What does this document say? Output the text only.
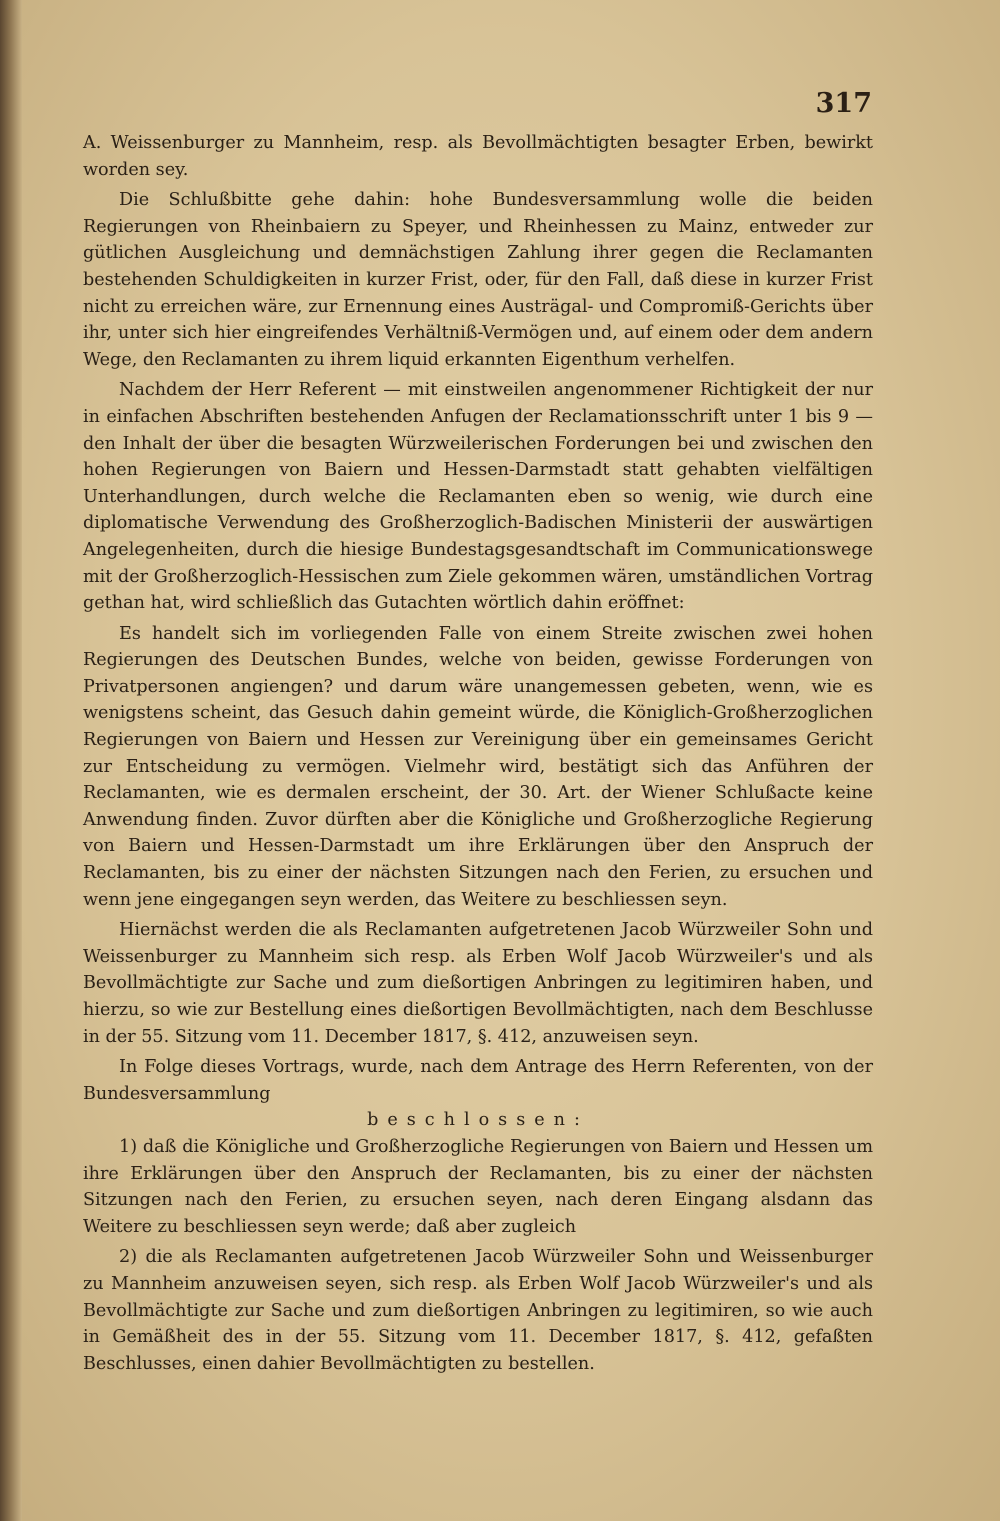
317

A. Weissenburger zu Mannheim, resp. als Bevollmächtigten besagter Erben, bewirkt worden sey.

Die Schlußbitte gehe dahin: hohe Bundesversammlung wolle die beiden Regierungen von Rheinbaiern zu Speyer, und Rheinhessen zu Mainz, entweder zur gütlichen Ausgleichung und demnächstigen Zahlung ihrer gegen die Reclamanten bestehenden Schuldigkeiten in kurzer Frist, oder, für den Fall, daß diese in kurzer Frist nicht zu erreichen wäre, zur Ernennung eines Austrägal- und Compromiß-Gerichts über ihr, unter sich hier eingreifendes Verhältniß-Vermögen und, auf einem oder dem andern Wege, den Reclamanten zu ihrem liquid erkannten Eigenthum verhelfen.

Nachdem der Herr Referent — mit einstweilen angenommener Richtigkeit der nur in einfachen Abschriften bestehenden Anfugen der Reclamationsschrift unter 1 bis 9 — den Inhalt der über die besagten Würzweilerischen Forderungen bei und zwischen den hohen Regierungen von Baiern und Hessen-Darmstadt statt gehabten vielfältigen Unterhandlungen, durch welche die Reclamanten eben so wenig, wie durch eine diplomatische Verwendung des Großherzoglich-Badischen Ministerii der auswärtigen Angelegenheiten, durch die hiesige Bundestagsgesandtschaft im Communicationswege mit der Großherzoglich-Hessischen zum Ziele gekommen wären, umständlichen Vortrag gethan hat, wird schließlich das Gutachten wörtlich dahin eröffnet:

Es handelt sich im vorliegenden Falle von einem Streite zwischen zwei hohen Regierungen des Deutschen Bundes, welche von beiden, gewisse Forderungen von Privatpersonen angiengen? und darum wäre unangemessen gebeten, wenn, wie es wenigstens scheint, das Gesuch dahin gemeint würde, die Königlich-Großherzoglichen Regierungen von Baiern und Hessen zur Vereinigung über ein gemeinsames Gericht zur Entscheidung zu vermögen. Vielmehr wird, bestätigt sich das Anführen der Reclamanten, wie es dermalen erscheint, der 30. Art. der Wiener Schlußacte keine Anwendung finden. Zuvor dürften aber die Königliche und Großherzogliche Regierung von Baiern und Hessen-Darmstadt um ihre Erklärungen über den Anspruch der Reclamanten, bis zu einer der nächsten Sitzungen nach den Ferien, zu ersuchen und wenn jene eingegangen seyn werden, das Weitere zu beschliessen seyn.

Hiernächst werden die als Reclamanten aufgetretenen Jacob Würzweiler Sohn und Weissenburger zu Mannheim sich resp. als Erben Wolf Jacob Würzweiler's und als Bevollmächtigte zur Sache und zum dießortigen Anbringen zu legitimiren haben, und hierzu, so wie zur Bestellung eines dießortigen Bevollmächtigten, nach dem Beschlusse in der 55. Sitzung vom 11. December 1817, §. 412, anzuweisen seyn.

In Folge dieses Vortrags, wurde, nach dem Antrage des Herrn Referenten, von der Bundesversammlung

beschlossen:

1) daß die Königliche und Großherzogliche Regierungen von Baiern und Hessen um ihre Erklärungen über den Anspruch der Reclamanten, bis zu einer der nächsten Sitzungen nach den Ferien, zu ersuchen seyen, nach deren Eingang alsdann das Weitere zu beschliessen seyn werde; daß aber zugleich

2) die als Reclamanten aufgetretenen Jacob Würzweiler Sohn und Weissenburger zu Mannheim anzuweisen seyen, sich resp. als Erben Wolf Jacob Würzweiler's und als Bevollmächtigte zur Sache und zum dießortigen Anbringen zu legitimiren, so wie auch in Gemäßheit des in der 55. Sitzung vom 11. December 1817, §. 412, gefaßten Beschlusses, einen dahier Bevollmächtigten zu bestellen.
